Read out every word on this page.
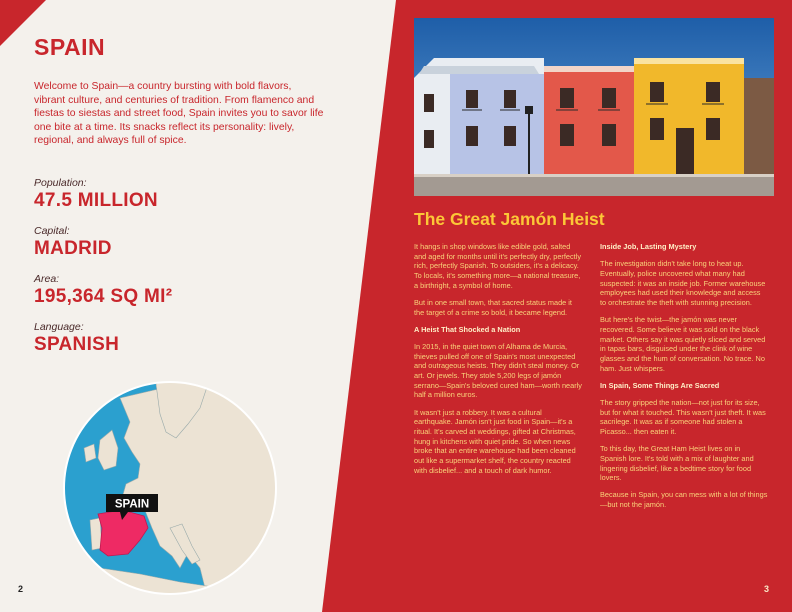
SPAIN
Welcome to Spain—a country bursting with bold flavors, vibrant culture, and centuries of tradition. From flamenco and fiestas to siestas and street food, Spain invites you to savor life one bite at a time. Its snacks reflect its personality: lively, regional, and always full of spice.
Population:
47.5 MILLION
Capital:
MADRID
Area:
195,364 SQ MI²
Language:
SPANISH
SPAIN
2
The Great Jamón Heist

It hangs in shop windows like edible gold, salted and aged for months until it's perfectly dry, perfectly rich, perfectly Spanish. To outsiders, it's a delicacy. To locals, it's something more—a national treasure, a birthright, a symbol of home.

But in one small town, that sacred status made it the target of a crime so bold, it became legend.

A Heist That Shocked a Nation

In 2015, in the quiet town of Alhama de Murcia, thieves pulled off one of Spain's most unexpected and outrageous heists. They didn't steal money. Or art. Or jewels. They stole 5,200 legs of jamón serrano—Spain's beloved cured ham—worth nearly half a million euros.

It wasn't just a robbery. It was a cultural earthquake. Jamón isn't just food in Spain—it's a ritual. It's carved at weddings, gifted at Christmas, hung in kitchens with quiet pride. So when news broke that an entire warehouse had been cleaned out like a supermarket shelf, the country reacted with disbelief... and a touch of dark humor.

Inside Job, Lasting Mystery

The investigation didn't take long to heat up. Eventually, police uncovered what many had suspected: it was an inside job. Former warehouse employees had used their knowledge and access to orchestrate the theft with stunning precision.

But here's the twist—the jamón was never recovered. Some believe it was sold on the black market. Others say it was quietly sliced and served in tapas bars, disguised under the clink of wine glasses and the hum of conversation. No trace. No ham. Just whispers.

In Spain, Some Things Are Sacred

The story gripped the nation—not just for its size, but for what it touched. This wasn't just theft. It was sacrilege. It was as if someone had stolen a Picasso... then eaten it.

To this day, the Great Ham Heist lives on in Spanish lore. It's told with a mix of laughter and lingering disbelief, like a bedtime story for food lovers.

Because in Spain, you can mess with a lot of things—but not the jamón.

3
